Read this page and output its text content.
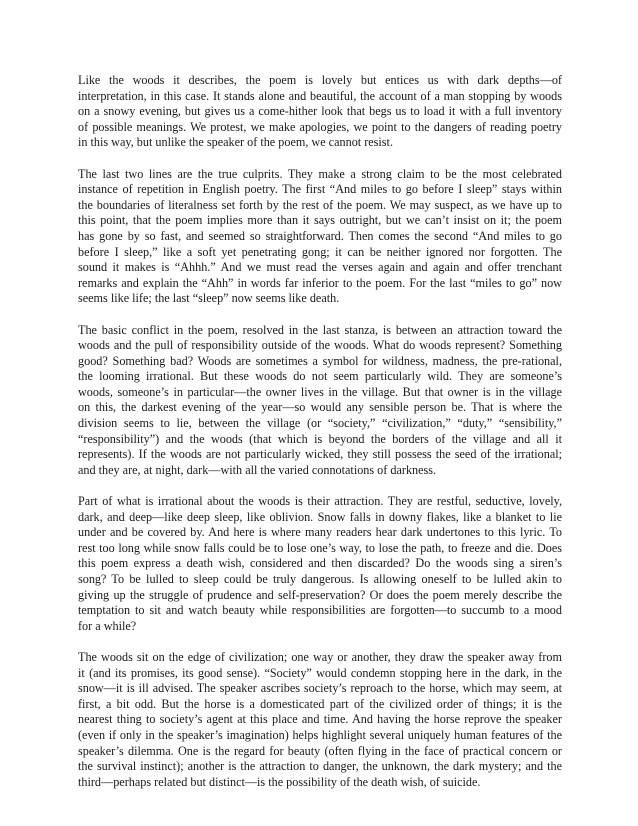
Like the woods it describes, the poem is lovely but entices us with dark depths—of
interpretation, in this case. It stands alone and beautiful, the account of a man stopping by woods
on a snowy evening, but gives us a come-hither look that begs us to load it with a full inventory
of possible meanings. We protest, we make apologies, we point to the dangers of reading poetry
in this way, but unlike the speaker of the poem, we cannot resist.
The last two lines are the true culprits. They make a strong claim to be the most celebrated
instance of repetition in English poetry. The first “And miles to go before I sleep” stays within
the boundaries of literalness set forth by the rest of the poem. We may suspect, as we have up to
this point, that the poem implies more than it says outright, but we can’t insist on it; the poem
has gone by so fast, and seemed so straightforward. Then comes the second “And miles to go
before I sleep,” like a soft yet penetrating gong; it can be neither ignored nor forgotten. The
sound it makes is “Ahhh.” And we must read the verses again and again and offer trenchant
remarks and explain the “Ahh” in words far inferior to the poem. For the last “miles to go” now
seems like life; the last “sleep” now seems like death.
The basic conflict in the poem, resolved in the last stanza, is between an attraction toward the
woods and the pull of responsibility outside of the woods. What do woods represent? Something
good? Something bad? Woods are sometimes a symbol for wildness, madness, the pre-rational,
the looming irrational. But these woods do not seem particularly wild. They are someone’s
woods, someone’s in particular—the owner lives in the village. But that owner is in the village
on this, the darkest evening of the year—so would any sensible person be. That is where the
division seems to lie, between the village (or “society,” “civilization,” “duty,” “sensibility,”
“responsibility”) and the woods (that which is beyond the borders of the village and all it
represents). If the woods are not particularly wicked, they still possess the seed of the irrational;
and they are, at night, dark—with all the varied connotations of darkness.
Part of what is irrational about the woods is their attraction. They are restful, seductive, lovely,
dark, and deep—like deep sleep, like oblivion. Snow falls in downy flakes, like a blanket to lie
under and be covered by. And here is where many readers hear dark undertones to this lyric. To
rest too long while snow falls could be to lose one’s way, to lose the path, to freeze and die. Does
this poem express a death wish, considered and then discarded? Do the woods sing a siren’s
song? To be lulled to sleep could be truly dangerous. Is allowing oneself to be lulled akin to
giving up the struggle of prudence and self-preservation? Or does the poem merely describe the
temptation to sit and watch beauty while responsibilities are forgotten—to succumb to a mood
for a while?
The woods sit on the edge of civilization; one way or another, they draw the speaker away from
it (and its promises, its good sense). “Society” would condemn stopping here in the dark, in the
snow—it is ill advised. The speaker ascribes society’s reproach to the horse, which may seem, at
first, a bit odd. But the horse is a domesticated part of the civilized order of things; it is the
nearest thing to society’s agent at this place and time. And having the horse reprove the speaker
(even if only in the speaker’s imagination) helps highlight several uniquely human features of the
speaker’s dilemma. One is the regard for beauty (often flying in the face of practical concern or
the survival instinct); another is the attraction to danger, the unknown, the dark mystery; and the
third—perhaps related but distinct—is the possibility of the death wish, of suicide.
